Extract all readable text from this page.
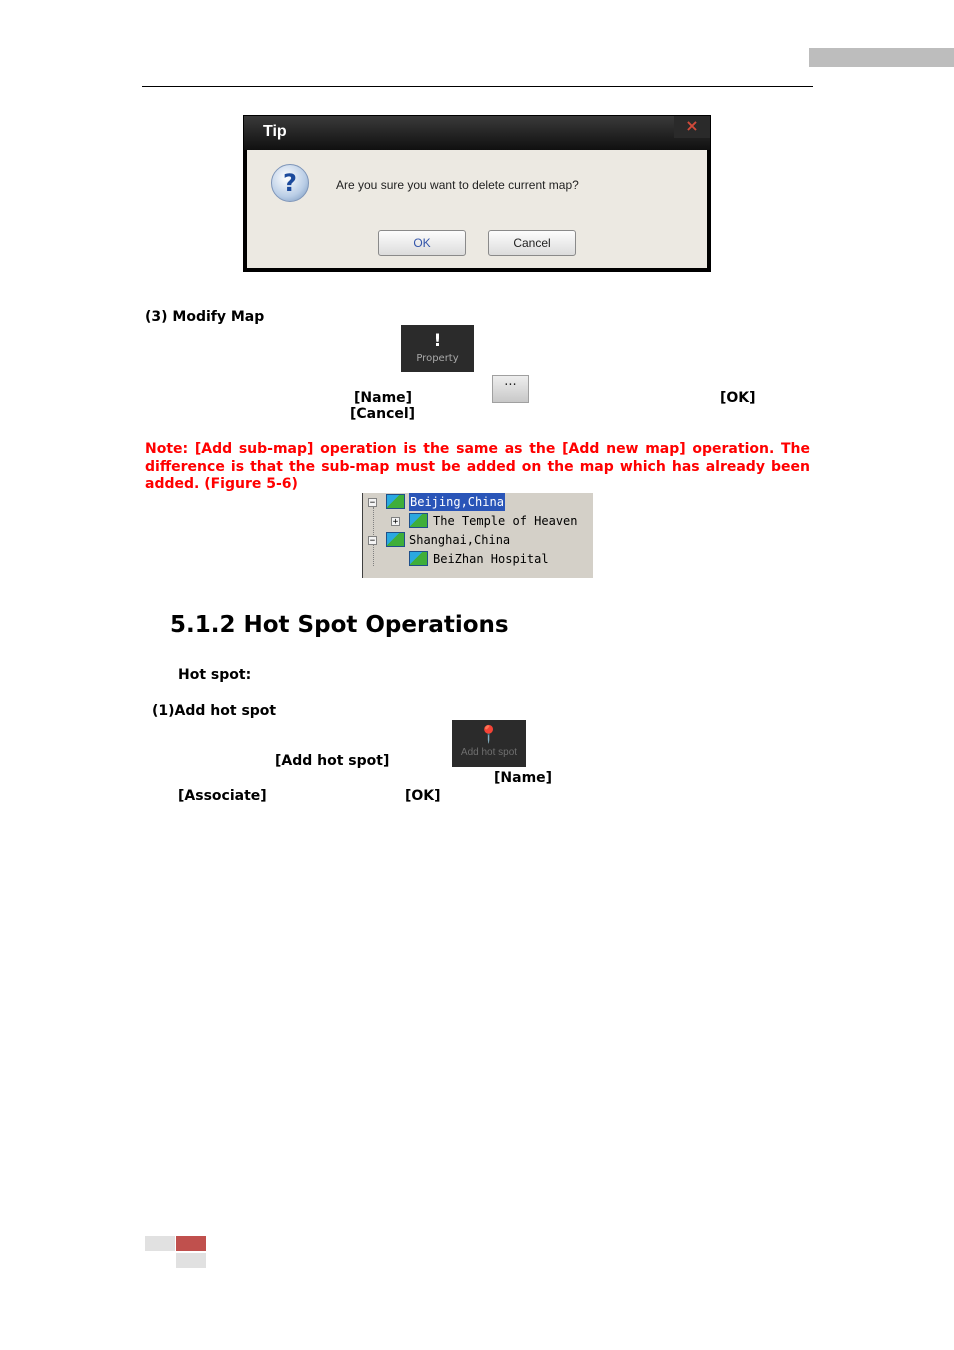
Tip	×
?	Are you sure you want to delete current map?
OK	Cancel
(3) Modify Map
!
Property
[Name]
···
[OK]
[Cancel]
Note: [Add sub-map] operation is the same as the [Add new map] operation. The difference is that the sub-map must be added on the map which has already been added. (Figure 5-6)
−	Beijing,China
+	The Temple of Heaven
−	Shanghai,China
BeiZhan Hospital
5.1.2 Hot Spot Operations
Hot spot:
(1)Add hot spot
📍
Add hot spot
[Add hot spot]
[Name]
[Associate]	[OK]
